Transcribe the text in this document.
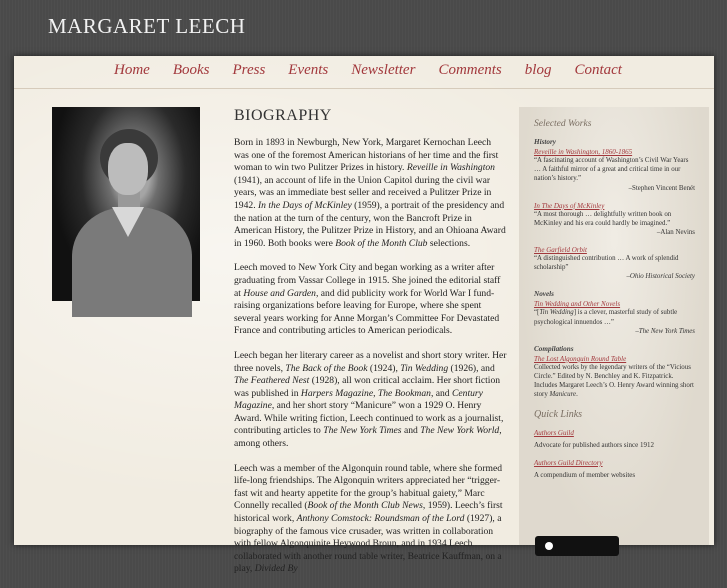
MARGARET LEECH
Home Books Press Events Newsletter Comments blog Contact
BIOGRAPHY

Born in 1893 in Newburgh, New York, Margaret Kernochan Leech was one of the foremost American historians of her time and the first woman to win two Pulitzer Prizes in history. Reveille in Washington (1941), an account of life in the Union Capitol during the civil war years, was an immediate best seller and received a Pulitzer Prize in 1942. In the Days of McKinley (1959), a portrait of the presidency and the nation at the turn of the century, won the Bancroft Prize in American History, the Pulitzer Prize in History, and an Ohioana Award in 1960. Both books were Book of the Month Club selections.

Leech moved to New York City and began working as a writer after graduating from Vassar College in 1915. She joined the editorial staff at House and Garden, and did publicity work for World War I fund-raising organizations before leaving for Europe, where she spent several years working for Anne Morgan’s Committee For Devastated France and contributing articles to American periodicals.

Leech began her literary career as a novelist and short story writer. Her three novels, The Back of the Book (1924), Tin Wedding (1926), and The Feathered Nest (1928), all won critical acclaim. Her short fiction was published in Harpers Magazine, The Bookman, and Century Magazine, and her short story “Manicure” won a 1929 O. Henry Award. While writing fiction, Leech continued to work as a journalist, contributing articles to The New York Times and The New York World, among others.

Leech was a member of the Algonquin round table, where she formed life-long friendships. The Algonquin writers appreciated her “trigger-fast wit and hearty appetite for the group’s habitual gaiety,” Marc Connelly recalled (Book of the Month Club News, 1959). Leech’s first historical work, Anthony Comstock: Roundsman of the Lord (1927), a biography of the famous vice crusader, was written in collaboration with fellow Algonquinite Heywood Broun, and in 1934 Leech collaborated with another round table writer, Beatrice Kauffman, on a play, Divided By

Selected Works
History
Reveille in Washington, 1860-1865
“A fascinating account of Washington’s Civil War Years … A faithful mirror of a great and critical time in our nation’s history.”
–Stephen Vincent Benét
In The Days of McKinley
“A most thorough … delightfully written book on McKinley and his era could hardly be imagined.”
–Alan Nevins
The Garfield Orbit
“A distinguished contribution … A work of splendid scholarship”
–Ohio Historical Society
Novels
Tin Wedding and Other Novels
“[Tin Wedding] is a clever, masterful study of subtle psychological innuendos …”
–The New York Times
Compilations
The Lost Algonquin Round Table
Collected works by the legendary writers of the “Vicious Circle.” Edited by N. Benchley and K. Fitzpatrick. Includes Margaret Leech’s O. Henry Award winning short story Manicure.
Quick Links
Authors Guild
Advocate for published authors since 1912
Authors Guild Directory
A compendium of member websites
